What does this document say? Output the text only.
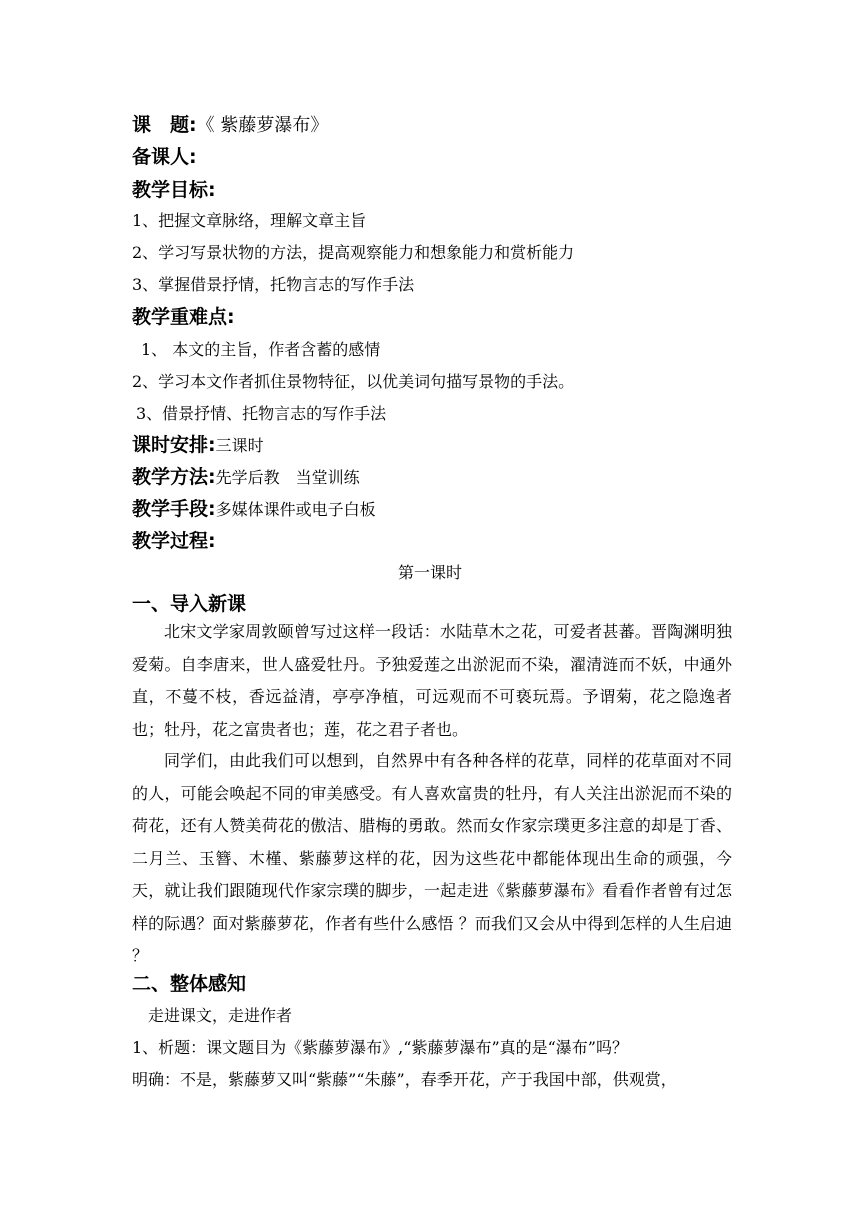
课　题:《 紫藤萝瀑布》
备课人:
教学目标:
1、把握文章脉络，理解文章主旨
2、学习写景状物的方法，提高观察能力和想象能力和赏析能力
3、掌握借景抒情，托物言志的写作手法
教学重难点:
1、 本文的主旨，作者含蓄的感情
2、学习本文作者抓住景物特征，以优美词句描写景物的手法。
3、借景抒情、托物言志的写作手法
课时安排:三课时
教学方法:先学后教　当堂训练
教学手段:多媒体课件或电子白板
教学过程:
第一课时
一、导入新课
北宋文学家周敦颐曾写过这样一段话：水陆草木之花，可爱者甚蕃。晋陶渊明独爱菊。自李唐来，世人盛爱牡丹。予独爱莲之出淤泥而不染，濯清涟而不妖，中通外直，不蔓不枝，香远益清，亭亭净植，可远观而不可亵玩焉。予谓菊，花之隐逸者也；牡丹，花之富贵者也；莲，花之君子者也。
同学们，由此我们可以想到，自然界中有各种各样的花草，同样的花草面对不同的人，可能会唤起不同的审美感受。有人喜欢富贵的牡丹，有人关注出淤泥而不染的荷花，还有人赞美荷花的傲洁、腊梅的勇敢。然而女作家宗璞更多注意的却是丁香、二月兰、玉簪、木槿、紫藤萝这样的花，因为这些花中都能体现出生命的顽强，今天，就让我们跟随现代作家宗璞的脚步，一起走进《紫藤萝瀑布》看看作者曾有过怎样的际遇？面对紫藤萝花，作者有些什么感悟 ？而我们又会从中得到怎样的人生启迪 ？
二、整体感知
走进课文，走进作者
1、析题：课文题目为《紫藤萝瀑布》,“紫藤萝瀑布”真的是“瀑布”吗？
明确：不是，紫藤萝又叫“紫藤”“朱藤”，春季开花，产于我国中部，供观赏，
